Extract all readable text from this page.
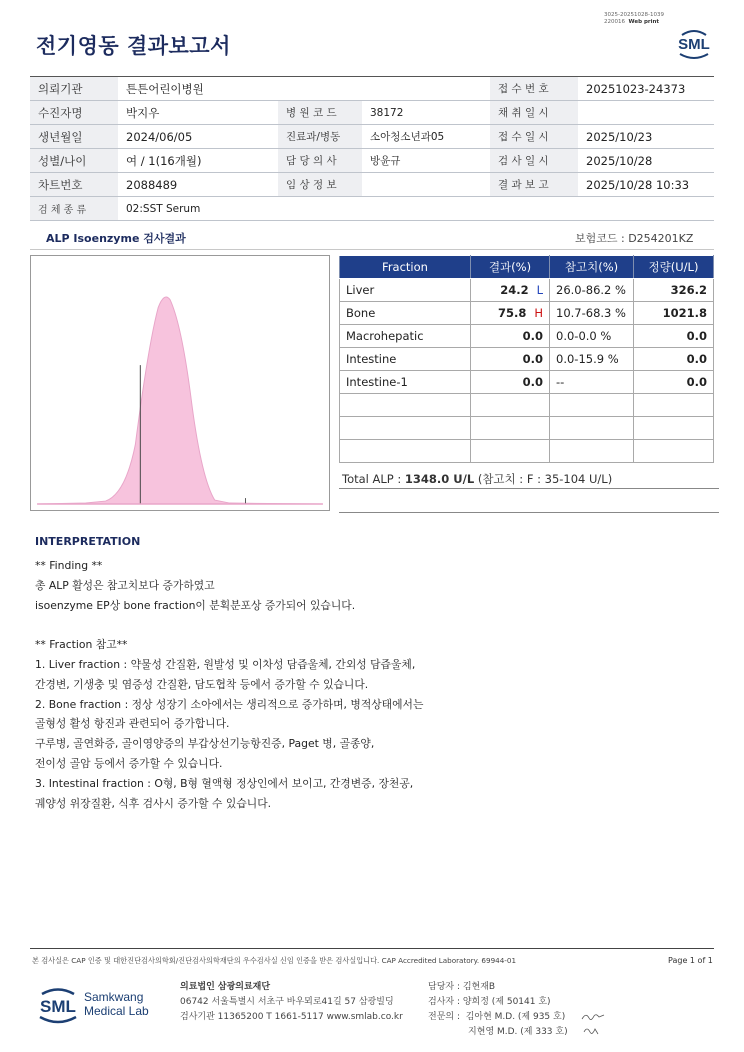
전기영동 결과보고서
3025-20251028-1039
220016 Web print
SML
의뢰기관	튼튼어린이병원			접 수 번 호	20251023-24373
수진자명	박지우	병 원 코 드	38172	채 취 일 시	
생년월일	2024/06/05	진료과/병동	소아청소년과05	접 수 일 시	2025/10/23
성별/나이	여 / 1(16개월)	담 당 의 사	방윤규	검 사 일 시	2025/10/28
차트번호	2088489	임 상 정 보		결 과 보 고	2025/10/28 10:33
검 체 종 류	02:SST Serum				
ALP Isoenzyme 검사결과	보험코드 : D254201KZ
Fraction	결과(%)	참고치(%)	정량(U/L)
Liver	24.2 L	26.0-86.2 %	326.2
Bone	75.8 H	10.7-68.3 %	1021.8
Macrohepatic	0.0	0.0-0.0 %	0.0
Intestine	0.0	0.0-15.9 %	0.0
Intestine-1	0.0	--	0.0

Total ALP : 1348.0 U/L (참고치 : F : 35-104 U/L)
INTERPRETATION
** Finding **
총 ALP 활성은 참고치보다 증가하였고
isoenzyme EP상 bone fraction이 분획분포상 증가되어 있습니다.
** Fraction 참고**
1. Liver fraction : 약물성 간질환, 원발성 및 이차성 담즙울체, 간외성 담즙울체,
간경변, 기생충 및 염증성 간질환, 담도협착 등에서 증가할 수 있습니다.
2. Bone fraction : 정상 성장기 소아에서는 생리적으로 증가하며, 병적상태에서는
골형성 활성 항진과 관련되어 증가합니다.
구루병, 골연화증, 골이영양증의 부갑상선기능항진증, Paget 병, 골종양,
전이성 골암 등에서 증가할 수 있습니다.
3. Intestinal fraction : O형, B형 혈액형 정상인에서 보이고, 간경변증, 장천공,
궤양성 위장질환, 식후 검사시 증가할 수 있습니다.
본 검사실은 CAP 인증 및 대한진단검사의학회/진단검사의학재단의 우수검사실 신임 인증을 받은 검사실입니다. CAP Accredited Laboratory. 69944-01	Page 1 of 1
SML Samkwang
Medical Lab
의료법인 삼광의료재단
06742 서울특별시 서초구 바우뫼로41길 57 삼광빌딩
검사기관 11365200 T 1661-5117 www.smlab.co.kr
담당자 : 김현재B
검사자 : 양희정 (제 50141 호)
전문의 :  김아현 M.D. (제 935 호)
지현영 M.D. (제 333 호)
